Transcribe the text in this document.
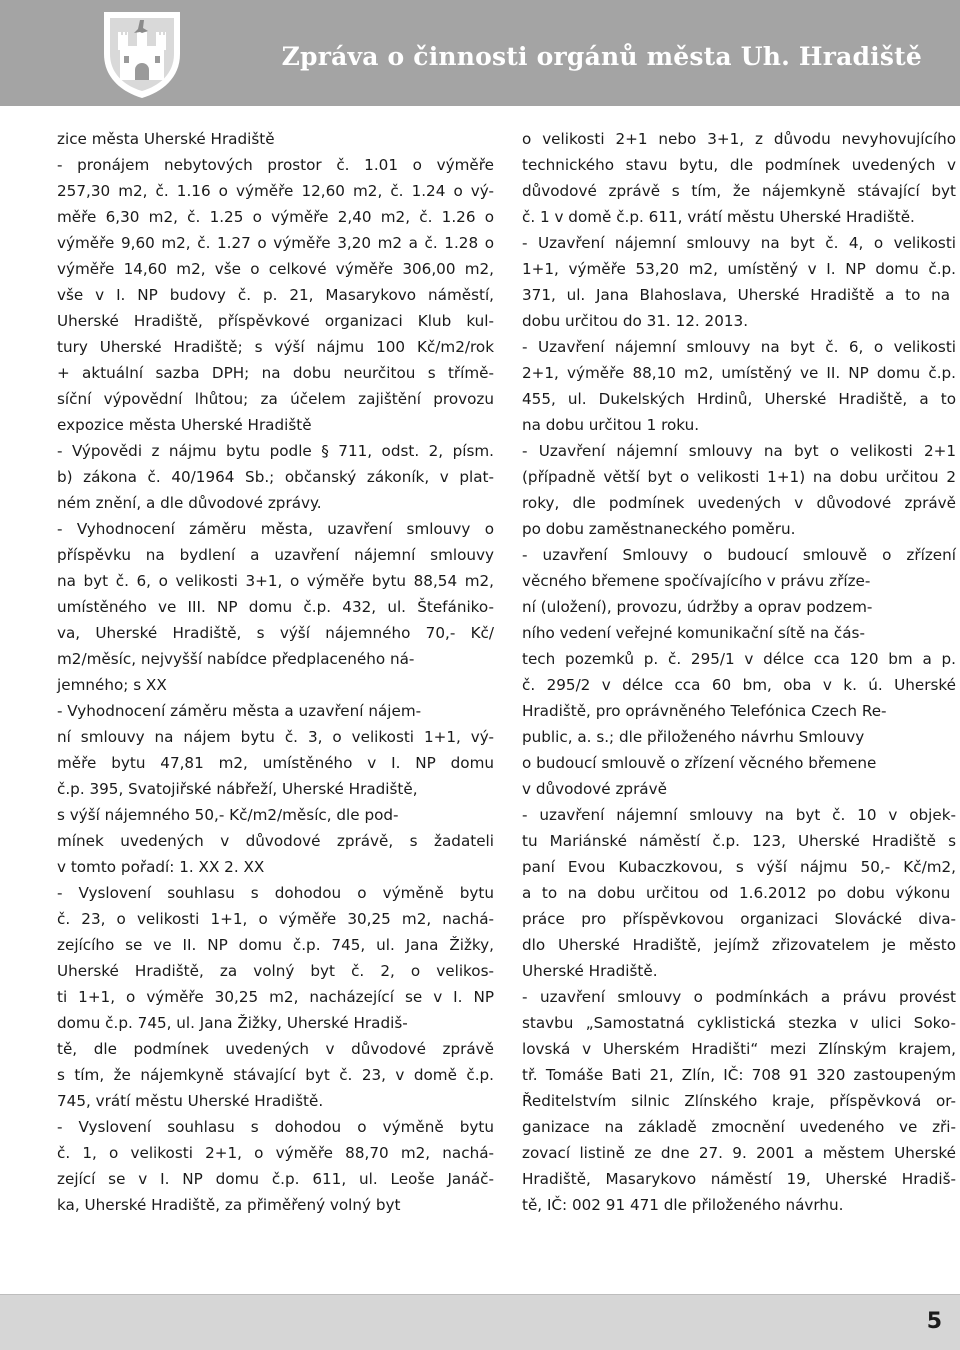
Zpráva o činnosti orgánů města Uh. Hradiště
zice města Uherské Hradiště
- pronájem nebytových prostor č. 1.01 o výměře
257,30 m2, č. 1.16 o výměře 12,60 m2, č. 1.24 o vý-
měře 6,30 m2, č. 1.25 o výměře 2,40 m2, č. 1.26 o
výměře 9,60 m2, č. 1.27 o výměře 3,20 m2 a č. 1.28 o
výměře 14,60 m2, vše o celkové výměře 306,00 m2,
vše v I. NP budovy č. p. 21, Masarykovo náměstí,
Uherské Hradiště, příspěvkové organizaci Klub kul-
tury Uherské Hradiště; s výší nájmu 100 Kč/m2/rok
+ aktuální sazba DPH; na dobu neurčitou s třímě-
síční výpovědní lhůtou; za účelem zajištění provozu
expozice města Uherské Hradiště
- Výpovědi z nájmu bytu podle § 711, odst. 2, písm.
b) zákona č. 40/1964 Sb.; občanský zákoník, v plat-
ném znění, a dle důvodové zprávy.
- Vyhodnocení záměru města, uzavření smlouvy o
příspěvku na bydlení a uzavření nájemní smlouvy
na byt č. 6, o velikosti 3+1, o výměře bytu 88,54 m2,
umístěného ve III. NP domu č.p. 432, ul. Štefániko-
va, Uherské Hradiště, s výší nájemného 70,- Kč/
m2/měsíc, nejvyšší nabídce předplaceného ná-
jemného; s XX
- Vyhodnocení záměru města a uzavření nájem-
ní smlouvy na nájem bytu č. 3, o velikosti 1+1, vý-
měře bytu 47,81 m2, umístěného v I. NP domu
č.p. 395, Svatojiřské nábřeží, Uherské Hradiště,
s výší nájemného 50,- Kč/m2/měsíc, dle pod-
mínek uvedených v důvodové zprávě, s žadateli
v tomto pořadí: 1. XX 2. XX
- Vyslovení souhlasu s dohodou o výměně bytu
č. 23, o velikosti 1+1, o výměře 30,25 m2, nachá-
zejícího se ve II. NP domu č.p. 745, ul. Jana Žižky,
Uherské Hradiště, za volný byt č. 2, o velikos-
ti 1+1, o výměře 30,25 m2, nacházející se v I. NP
domu č.p. 745, ul. Jana Žižky, Uherské Hradiš-
tě, dle podmínek uvedených v důvodové zprávě
s tím, že nájemkyně stávající byt č. 23, v domě č.p.
745, vrátí městu Uherské Hradiště.
- Vyslovení souhlasu s dohodou o výměně bytu
č. 1, o velikosti 2+1, o výměře 88,70 m2, nachá-
zející se v I. NP domu č.p. 611, ul. Leoše Janáč-
ka, Uherské Hradiště, za přiměřený volný byt
o velikosti 2+1 nebo 3+1, z důvodu nevyhovujícího
technického stavu bytu, dle podmínek uvedených v
důvodové zprávě s tím, že nájemkyně stávající byt
č. 1 v domě č.p. 611, vrátí městu Uherské Hradiště.
- Uzavření nájemní smlouvy na byt č. 4, o velikosti
1+1, výměře 53,20 m2, umístěný v I. NP domu č.p.
371, ul. Jana Blahoslava, Uherské Hradiště a to na
dobu určitou do 31. 12. 2013.
- Uzavření nájemní smlouvy na byt č. 6, o velikosti
2+1, výměře 88,10 m2, umístěný ve II. NP domu č.p.
455, ul. Dukelských Hrdinů, Uherské Hradiště, a to
na dobu určitou 1 roku.
- Uzavření nájemní smlouvy na byt o velikosti 2+1
(případně větší byt o velikosti 1+1) na dobu určitou 2
roky, dle podmínek uvedených v důvodové zprávě
po dobu zaměstnaneckého poměru.
- uzavření Smlouvy o budoucí smlouvě o zřízení
věcného břemene spočívajícího v právu zříze-
ní (uložení), provozu, údržby a oprav podzem-
ního vedení veřejné komunikační sítě na čás-
tech pozemků p. č. 295/1 v délce cca 120 bm a p.
č. 295/2 v délce cca 60 bm, oba v k. ú. Uherské
Hradiště, pro oprávněného Telefónica Czech Re-
public, a. s.; dle přiloženého návrhu Smlouvy
o budoucí smlouvě o zřízení věcného břemene
v důvodové zprávě
- uzavření nájemní smlouvy na byt č. 10 v objek-
tu Mariánské náměstí č.p. 123, Uherské Hradiště s
paní Evou Kubaczkovou, s výší nájmu 50,- Kč/m2,
a to na dobu určitou od 1.6.2012 po dobu výkonu
práce pro příspěvkovou organizaci Slovácké diva-
dlo Uherské Hradiště, jejímž zřizovatelem je město
Uherské Hradiště.
- uzavření smlouvy o podmínkách a právu provést
stavbu „Samostatná cyklistická stezka v ulici Soko-
lovská v Uherském Hradišti“ mezi Zlínským krajem,
tř. Tomáše Bati 21, Zlín, IČ: 708 91 320 zastoupeným
Ředitelstvím silnic Zlínského kraje, příspěvková or-
ganizace na základě zmocnění uvedeného ve zři-
zovací listině ze dne 27. 9. 2001 a městem Uherské
Hradiště, Masarykovo náměstí 19, Uherské Hradiš-
tě, IČ: 002 91 471 dle přiloženého návrhu.
5
